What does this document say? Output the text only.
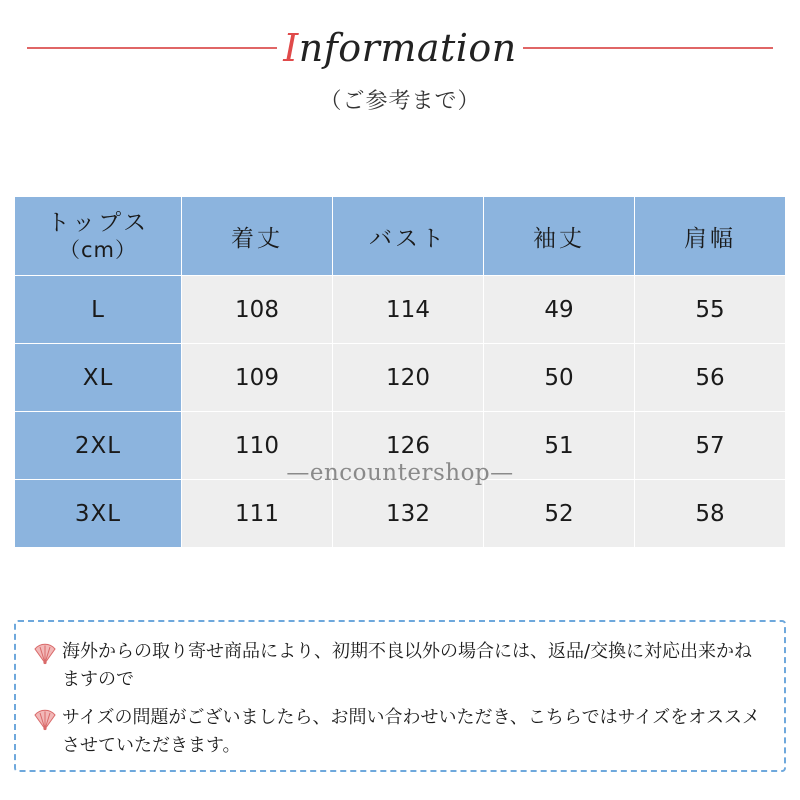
Information
（ご参考まで）
トップス
（cm）	着丈	バスト	袖丈	肩幅
L	108	114	49	55
XL	109	120	50	56
2XL	110	126	51	57
3XL	111	132	52	58
—encountershop—
海外からの取り寄せ商品により、初期不良以外の場合には、返品/交換に対応出来かねますので
サイズの問題がございましたら、お問い合わせいただき、こちらではサイズをオススメさせていただきます。
